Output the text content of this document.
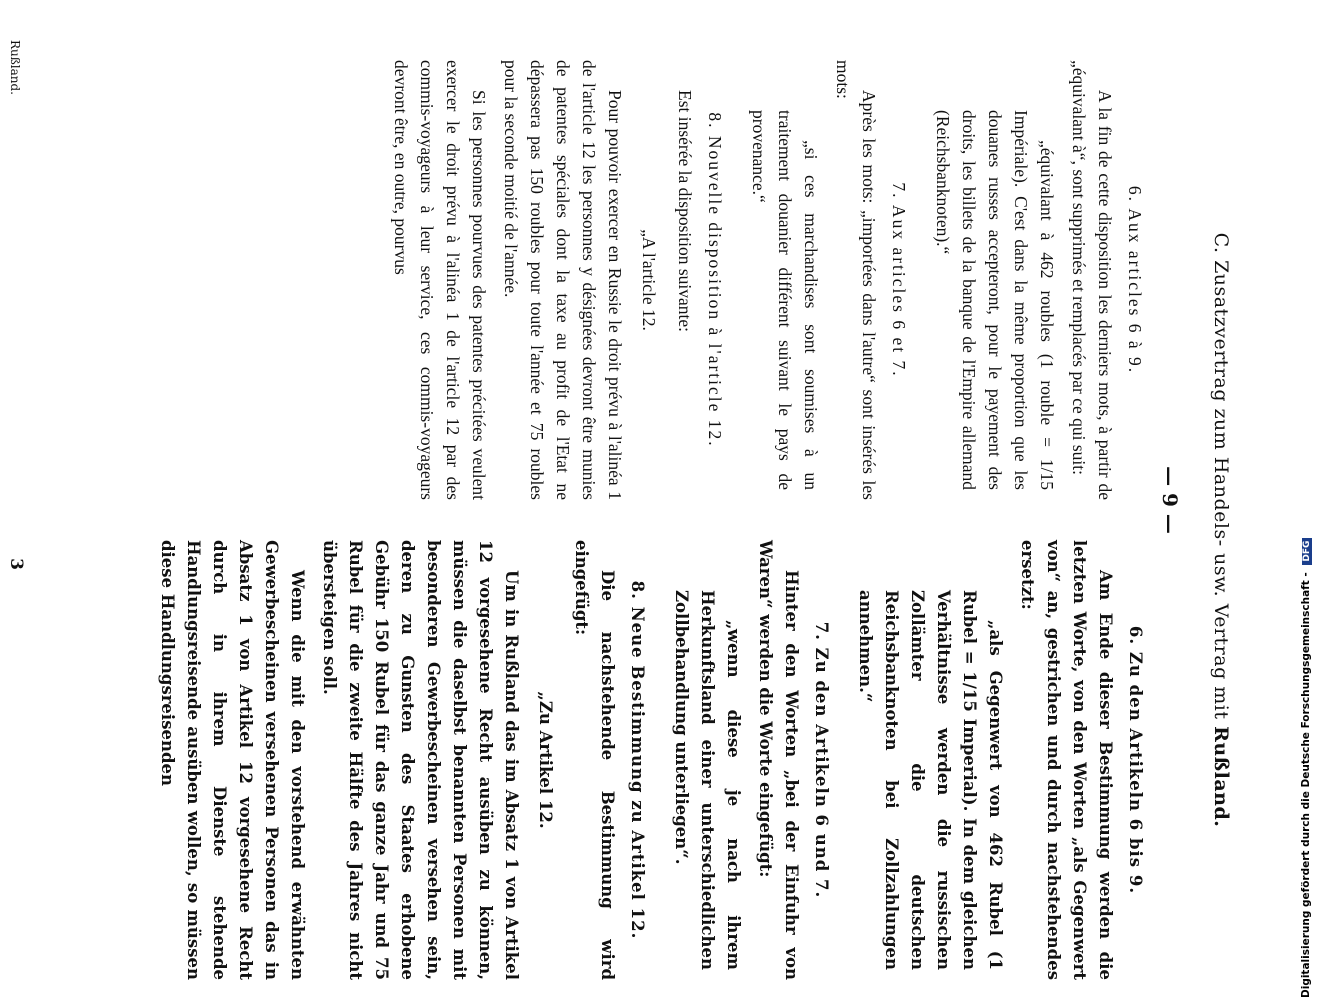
C. Zusatzvertrag zum Handels- usw. Vertrag mit Rußland.
— 9 —
6. Aux articles 6 à 9.

A la fin de cette disposition les derniers mots, à partir de „équivalant à“, sont supprimés et remplacés par ce qui suit:

„équivalant à 462 roubles (1 rouble = 1/15 Impériale). C'est dans la même proportion que les douanes russes accepteront, pour le payement des droits, les billets de la banque de l'Empire allemand (Reichsbanknoten).“

7. Aux articles 6 et 7.

Après les mots: „importées dans l'autre“ sont insérés les mots:

„si ces marchandises sont soumises à un traitement douanier différent suivant le pays de provenance.“

8. Nouvelle disposition à l'article 12.

Est insérée la disposition suivante:

„A l'article 12.

Pour pouvoir exercer en Russie le droit prévu à l'alinéa 1 de l'article 12 les personnes y désignées devront être munies de patentes spéciales dont la taxe au profit de l'Etat ne dépassera pas 150 roubles pour toute l'année et 75 roubles pour la seconde moitié de l'année.

Si les personnes pourvues des patentes précitées veulent exercer le droit prévu à l'alinéa 1 de l'article 12 par des commis-voyageurs à leur service, ces commis-voyageurs devront être, en outre, pourvus

6. Zu den Artikeln 6 bis 9.

Am Ende dieser Bestimmung werden die letzten Worte, von den Worten „als Gegenwert von“ an, gestrichen und durch nachstehendes ersetzt:

„als Gegenwert von 462 Rubel (1 Rubel = 1/15 Imperial). In dem gleichen Verhältnisse werden die russischen Zollämter die deutschen Reichsbanknoten bei Zollzahlungen annehmen.“

7. Zu den Artikeln 6 und 7.

Hinter den Worten „bei der Einfuhr von Waren“ werden die Worte eingefügt:

„wenn diese je nach ihrem Herkunftsland einer unterschiedlichen Zollbehandlung unterliegen“.

8. Neue Bestimmung zu Artikel 12.

Die nachstehende Bestimmung wird eingefügt:

„Zu Artikel 12.

Um in Rußland das im Absatz 1 von Artikel 12 vorgesehene Recht ausüben zu können, müssen die daselbst benannten Personen mit besonderen Gewerbescheinen versehen sein, deren zu Gunsten des Staates erhobene Gebühr 150 Rubel für das ganze Jahr und 75 Rubel für die zweite Hälfte des Jahres nicht übersteigen soll.

Wenn die mit den vorstehend erwähnten Gewerbescheinen versehenen Personen das in Absatz 1 von Artikel 12 vorgesehene Recht durch in ihrem Dienste stehende Handlungsreisende ausüben wollen, so müssen diese Handlungsreisenden

Rußland.
3
Digitalisierung gefördert durch die Deutsche Forschungsgemeinschaft - DFG
